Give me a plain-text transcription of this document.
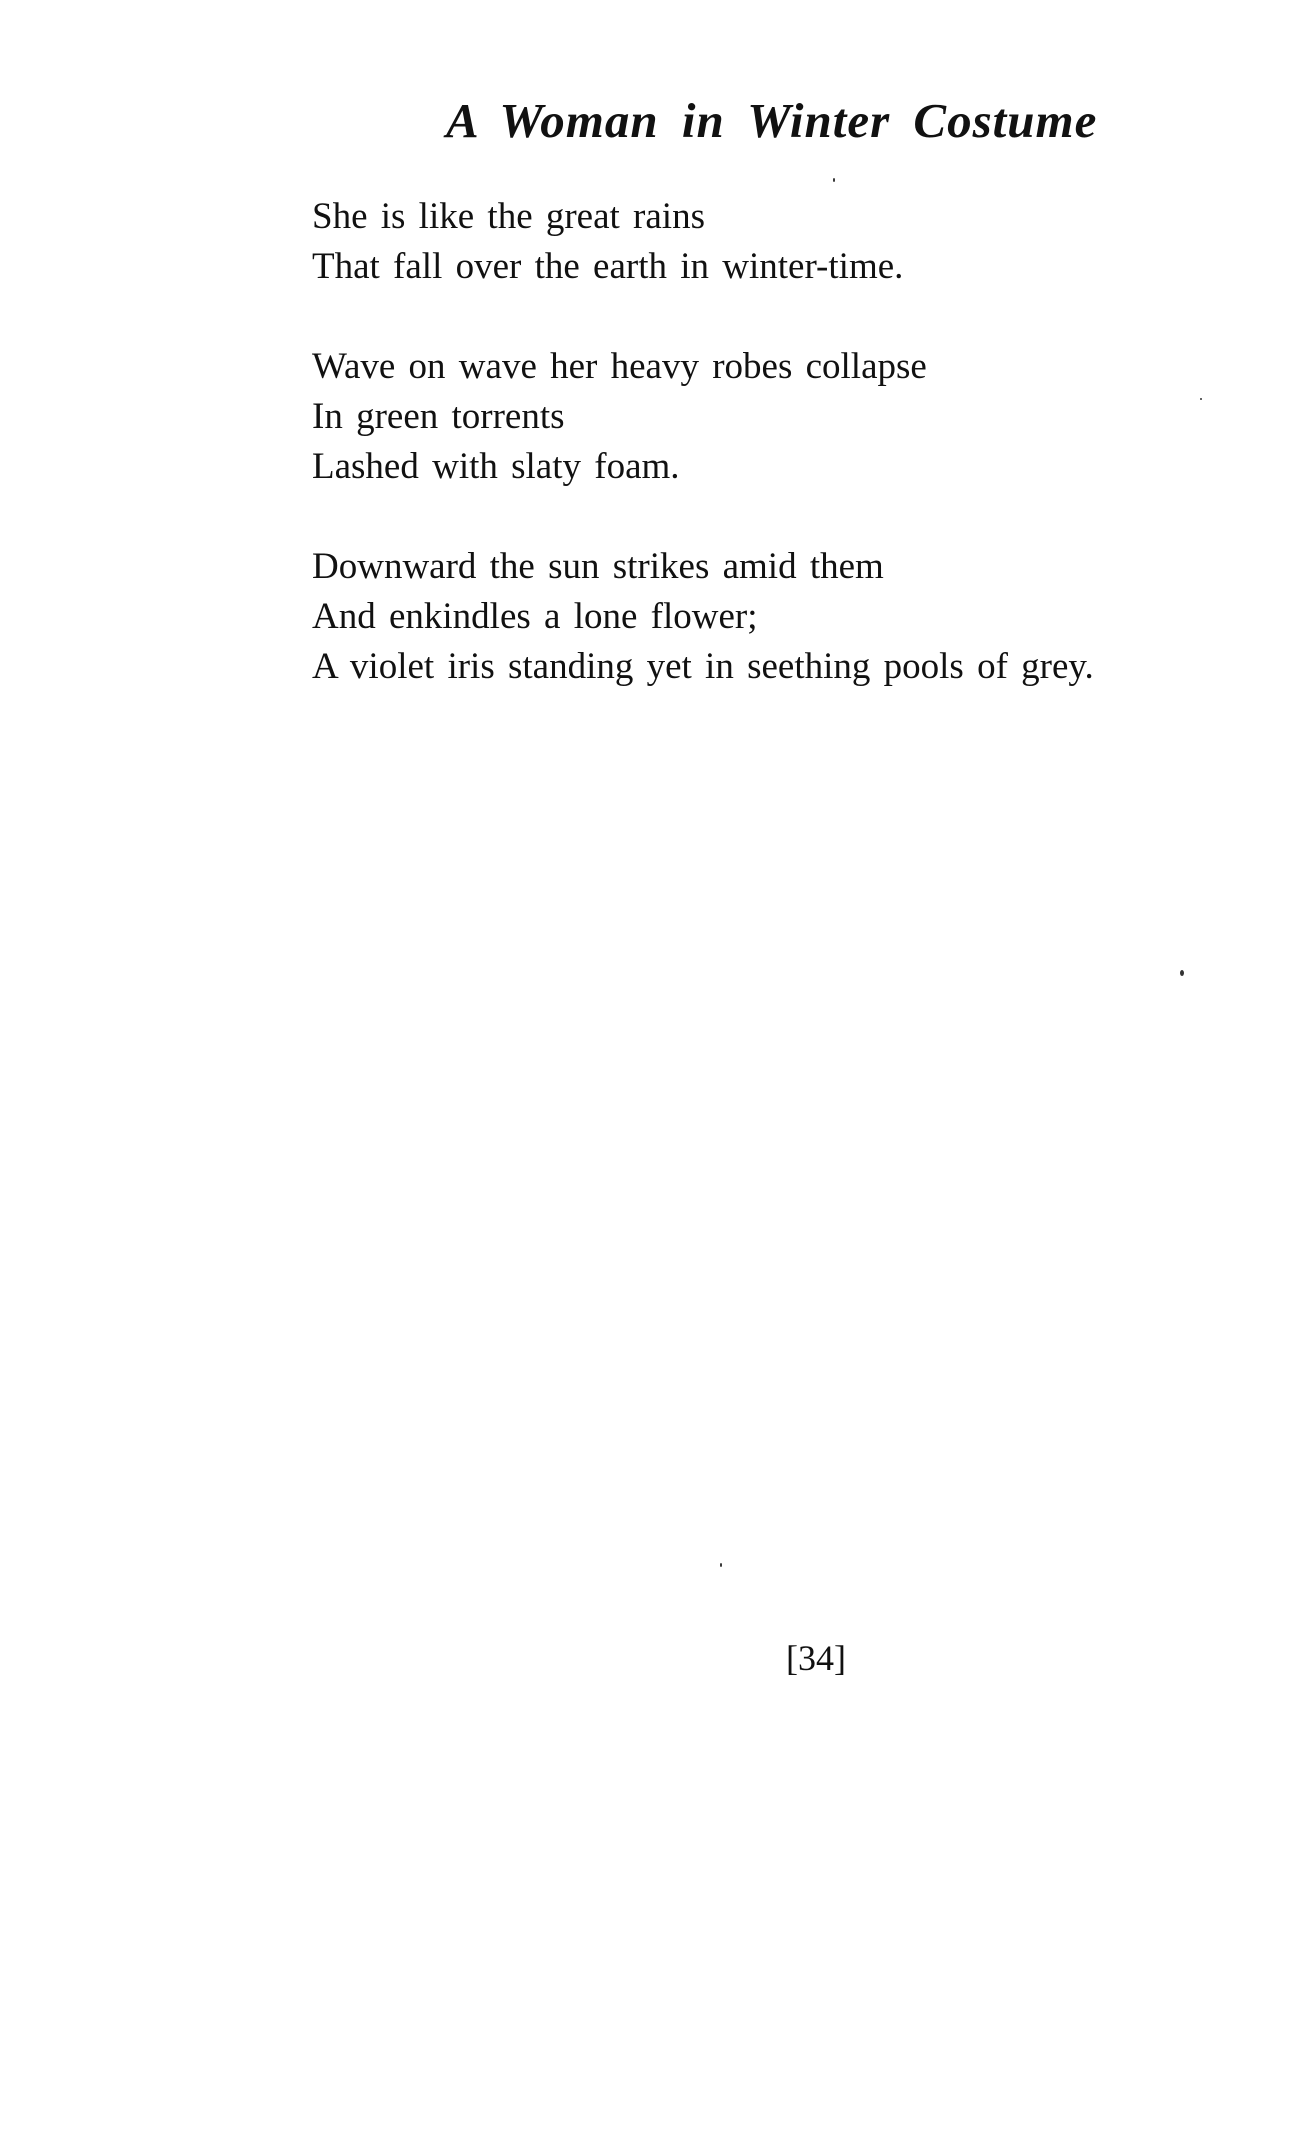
A Woman in Winter Costume

She is like the great rains

That fall over the earth in winter-time.

Wave on wave her heavy robes collapse

In green torrents

Lashed with slaty foam.

Downward the sun strikes amid them

And enkindles a lone flower;

A violet iris standing yet in seething pools of grey.

[34]
